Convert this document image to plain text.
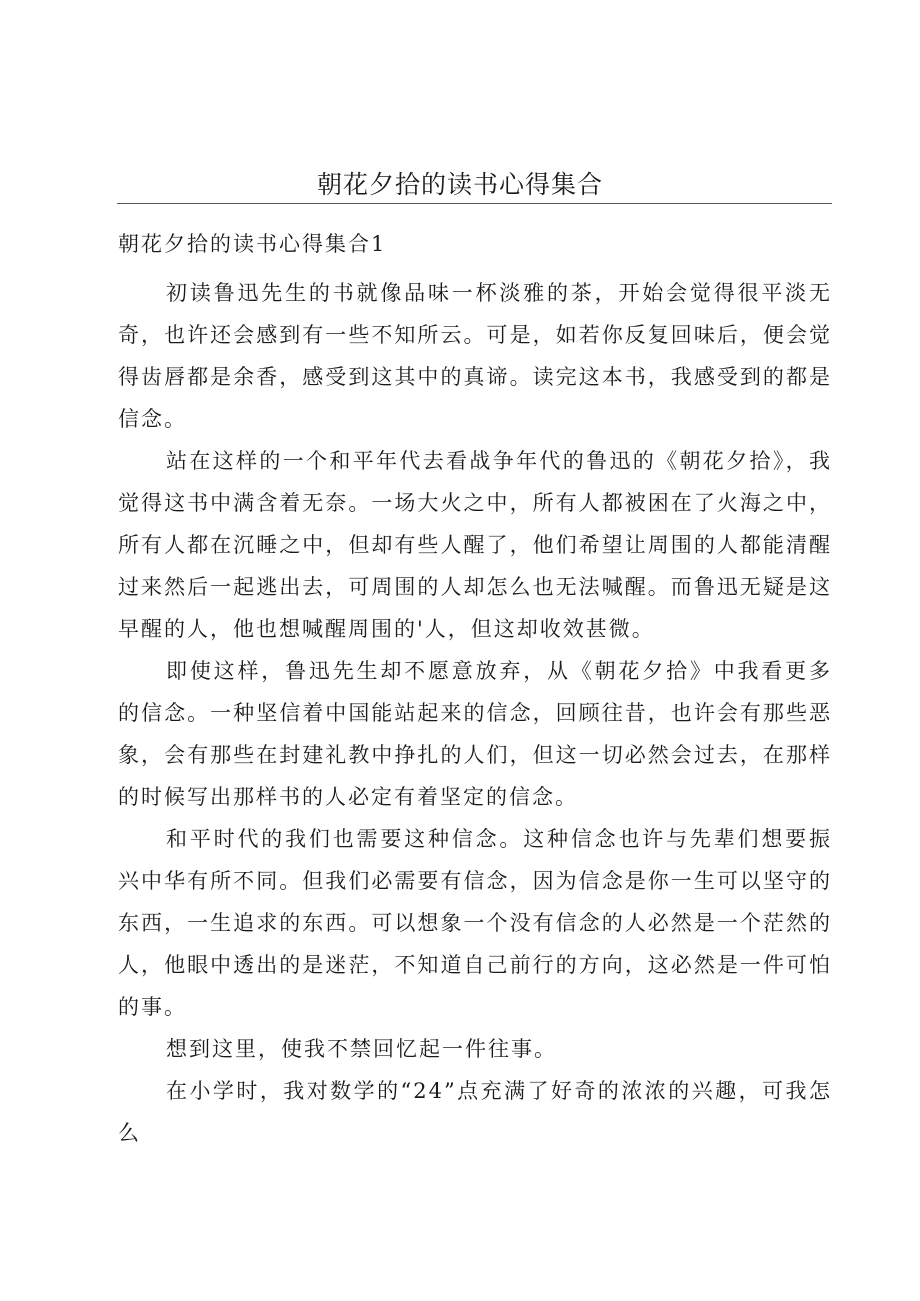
朝花夕拾的读书心得集合
朝花夕拾的读书心得集合1

初读鲁迅先生的书就像品味一杯淡雅的茶，开始会觉得很平淡无奇，也许还会感到有一些不知所云。可是，如若你反复回味后，便会觉得齿唇都是余香，感受到这其中的真谛。读完这本书，我感受到的都是信念。

站在这样的一个和平年代去看战争年代的鲁迅的《朝花夕拾》，我觉得这书中满含着无奈。一场大火之中，所有人都被困在了火海之中，所有人都在沉睡之中，但却有些人醒了，他们希望让周围的人都能清醒过来然后一起逃出去，可周围的人却怎么也无法喊醒。而鲁迅无疑是这早醒的人，他也想喊醒周围的'人，但这却收效甚微。

即使这样，鲁迅先生却不愿意放弃，从《朝花夕拾》中我看更多的信念。一种坚信着中国能站起来的信念，回顾往昔，也许会有那些恶象，会有那些在封建礼教中挣扎的人们，但这一切必然会过去，在那样的时候写出那样书的人必定有着坚定的信念。

和平时代的我们也需要这种信念。这种信念也许与先辈们想要振兴中华有所不同。但我们必需要有信念，因为信念是你一生可以坚守的东西，一生追求的东西。可以想象一个没有信念的人必然是一个茫然的人，他眼中透出的是迷茫，不知道自己前行的方向，这必然是一件可怕的事。

想到这里，使我不禁回忆起一件往事。

在小学时，我对数学的“24”点充满了好奇的浓浓的兴趣，可我怎么
